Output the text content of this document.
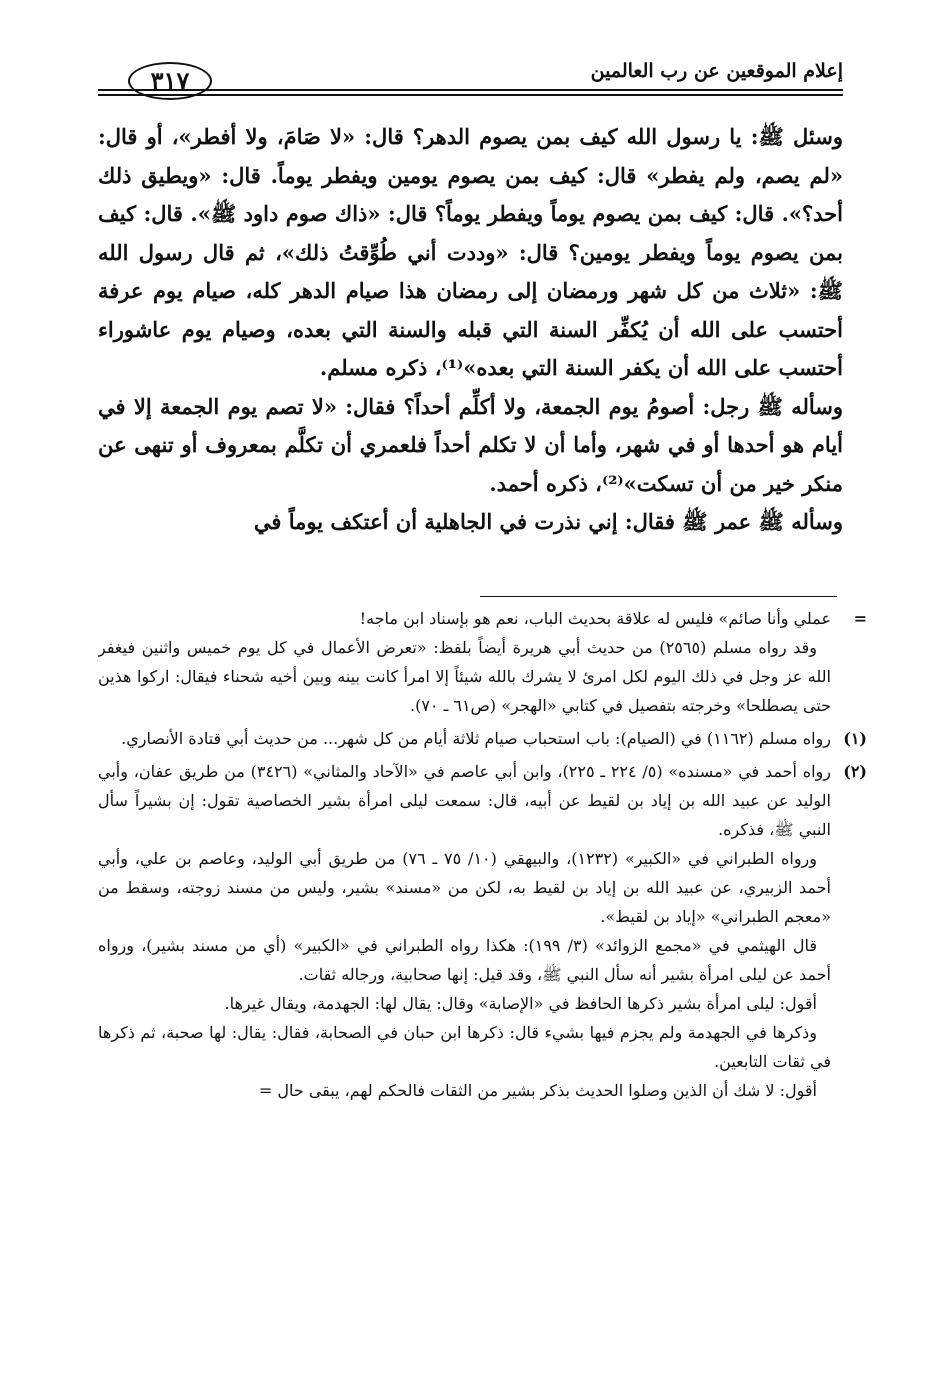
إعلام الموقعين عن رب العالمين
٣١٧

وسئل ﷺ: يا رسول الله كيف بمن يصوم الدهر؟ قال: «لا صَامَ، ولا أفطر»، أو قال: «لم يصم، ولم يفطر» قال: كيف بمن يصوم يومين ويفطر يوماً. قال: «ويطيق ذلك أحد؟». قال: كيف بمن يصوم يوماً ويفطر يوماً؟ قال: «ذاك صوم داود ﷺ». قال: كيف بمن يصوم يوماً ويفطر يومين؟ قال: «وددت أني طُوِّقتُ ذلك»، ثم قال رسول الله ﷺ: «ثلاث من كل شهر ورمضان إلى رمضان هذا صيام الدهر كله، صيام يوم عرفة أحتسب على الله أن يُكفِّر السنة التي قبله والسنة التي بعده، وصيام يوم عاشوراء أحتسب على الله أن يكفر السنة التي بعده»⁽¹⁾، ذكره مسلم.

وسأله ﷺ رجل: أصومُ يوم الجمعة، ولا أكلِّم أحداً؟ فقال: «لا تصم يوم الجمعة إلا في أيام هو أحدها أو في شهر، وأما أن لا تكلم أحداً فلعمري أن تكلَّم بمعروف أو تنهى عن منكر خير من أن تسكت»⁽²⁾، ذكره أحمد.

وسأله ﷺ عمر ﷺ فقال: إني نذرت في الجاهلية أن أعتكف يوماً في

=
عملي وأنا صائم» فليس له علاقة بحديث الباب، نعم هو بإسناد ابن ماجه!
وقد رواه مسلم (٢٥٦٥) من حديث أبي هريرة أيضاً بلفظ: «تعرض الأعمال في كل يوم خميس واثنين فيغفر الله عز وجل في ذلك اليوم لكل امرئ لا يشرك بالله شيئاً إلا امرأ كانت بينه وبين أخيه شحناء فيقال: اركوا هذين حتى يصطلحا» وخرجته بتفصيل في كتابي «الهجر» (ص٦١ ـ ٧٠).
(١)
رواه مسلم (١١٦٢) في (الصيام): باب استحباب صيام ثلاثة أيام من كل شهر... من حديث أبي قتادة الأنصاري.
(٢)
رواه أحمد في «مسنده» (٥/ ٢٢٤ ـ ٢٢٥)، وابن أبي عاصم في «الآحاد والمثاني» (٣٤٢٦) من طريق عفان، وأبي الوليد عن عبيد الله بن إياد بن لقيط عن أبيه، قال: سمعت ليلى امرأة بشير الخصاصية تقول: إن بشيراً سأل النبي ﷺ، فذكره.
ورواه الطبراني في «الكبير» (١٢٣٢)، والبيهقي (١٠/ ٧٥ ـ ٧٦) من طريق أبي الوليد، وعاصم بن علي، وأبي أحمد الزبيري، عن عبيد الله بن إياد بن لقيط به، لكن من «مسند» بشير، وليس من مسند زوجته، وسقط من «معجم الطبراني» «إياد بن لقيط».
قال الهيثمي في «مجمع الزوائد» (٣/ ١٩٩): هكذا رواه الطبراني في «الكبير» (أي من مسند بشير)، ورواه أحمد عن ليلى امرأة بشير أنه سأل النبي ﷺ، وقد قيل: إنها صحابية، ورجاله ثقات.
أقول: ليلى امرأة بشير ذكرها الحافظ في «الإصابة» وقال: يقال لها: الجهدمة، ويقال غيرها.
وذكرها في الجهدمة ولم يجزم فيها بشيء قال: ذكرها ابن حبان في الصحابة، فقال: يقال: لها صحبة، ثم ذكرها في ثقات التابعين.
أقول: لا شك أن الذين وصلوا الحديث بذكر بشير من الثقات فالحكم لهم، يبقى حال =
